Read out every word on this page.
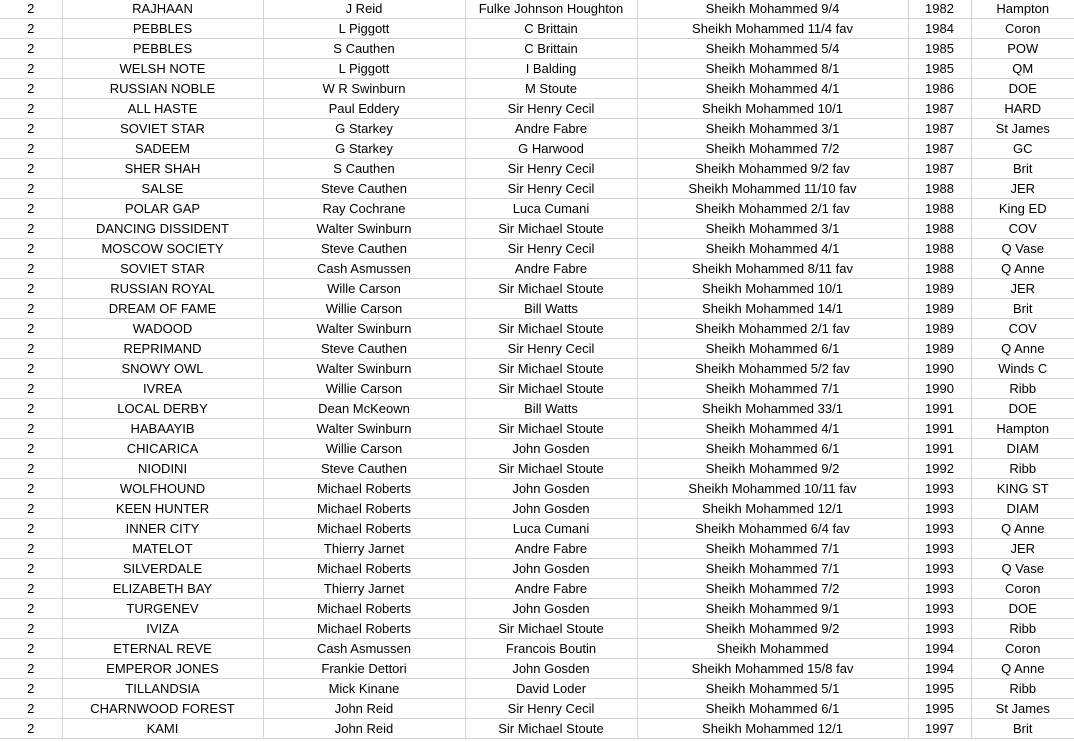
2	RAJHAAN	J Reid	Fulke Johnson Houghton	Sheikh Mohammed 9/4	1982	Hampton
2	PEBBLES	L Piggott	C Brittain	Sheikh Mohammed 11/4 fav	1984	Coron
2	PEBBLES	S Cauthen	C Brittain	Sheikh Mohammed 5/4	1985	POW
2	WELSH NOTE	L Piggott	I Balding	Sheikh Mohammed 8/1	1985	QM
2	RUSSIAN NOBLE	W R Swinburn	M Stoute	Sheikh Mohammed 4/1	1986	DOE
2	ALL HASTE	Paul Eddery	Sir Henry Cecil	Sheikh Mohammed 10/1	1987	HARD
2	SOVIET STAR	G Starkey	Andre Fabre	Sheikh Mohammed 3/1	1987	St James
2	SADEEM	G Starkey	G Harwood	Sheikh Mohammed 7/2	1987	GC
2	SHER SHAH	S Cauthen	Sir Henry Cecil	Sheikh Mohammed 9/2 fav	1987	Brit
2	SALSE	Steve Cauthen	Sir Henry Cecil	Sheikh Mohammed 11/10 fav	1988	JER
2	POLAR GAP	Ray Cochrane	Luca Cumani	Sheikh Mohammed 2/1 fav	1988	King ED
2	DANCING DISSIDENT	Walter Swinburn	Sir Michael Stoute	Sheikh Mohammed 3/1	1988	COV
2	MOSCOW SOCIETY	Steve Cauthen	Sir Henry Cecil	Sheikh Mohammed 4/1	1988	Q Vase
2	SOVIET STAR	Cash Asmussen	Andre Fabre	Sheikh Mohammed 8/11 fav	1988	Q Anne
2	RUSSIAN ROYAL	Wille Carson	Sir Michael Stoute	Sheikh Mohammed 10/1	1989	JER
2	DREAM OF FAME	Willie Carson	Bill Watts	Sheikh Mohammed 14/1	1989	Brit
2	WADOOD	Walter Swinburn	Sir Michael Stoute	Sheikh Mohammed 2/1 fav	1989	COV
2	REPRIMAND	Steve Cauthen	Sir Henry Cecil	Sheikh Mohammed 6/1	1989	Q Anne
2	SNOWY OWL	Walter Swinburn	Sir Michael Stoute	Sheikh Mohammed 5/2 fav	1990	Winds C
2	IVREA	Willie Carson	Sir Michael Stoute	Sheikh Mohammed 7/1	1990	Ribb
2	LOCAL DERBY	Dean McKeown	Bill Watts	Sheikh Mohammed 33/1	1991	DOE
2	HABAAYIB	Walter Swinburn	Sir Michael Stoute	Sheikh Mohammed 4/1	1991	Hampton
2	CHICARICA	Willie Carson	John Gosden	Sheikh Mohammed 6/1	1991	DIAM
2	NIODINI	Steve Cauthen	Sir Michael Stoute	Sheikh Mohammed 9/2	1992	Ribb
2	WOLFHOUND	Michael Roberts	John Gosden	Sheikh Mohammed 10/11 fav	1993	KING ST
2	KEEN HUNTER	Michael Roberts	John Gosden	Sheikh Mohammed 12/1	1993	DIAM
2	INNER CITY	Michael Roberts	Luca Cumani	Sheikh Mohammed 6/4 fav	1993	Q Anne
2	MATELOT	Thierry Jarnet	Andre Fabre	Sheikh Mohammed 7/1	1993	JER
2	SILVERDALE	Michael Roberts	John Gosden	Sheikh Mohammed 7/1	1993	Q Vase
2	ELIZABETH BAY	Thierry Jarnet	Andre Fabre	Sheikh Mohammed 7/2	1993	Coron
2	TURGENEV	Michael Roberts	John Gosden	Sheikh Mohammed 9/1	1993	DOE
2	IVIZA	Michael Roberts	Sir Michael Stoute	Sheikh Mohammed 9/2	1993	Ribb
2	ETERNAL REVE	Cash Asmussen	Francois Boutin	Sheikh Mohammed	1994	Coron
2	EMPEROR JONES	Frankie Dettori	John Gosden	Sheikh Mohammed 15/8 fav	1994	Q Anne
2	TILLANDSIA	Mick Kinane	David Loder	Sheikh Mohammed 5/1	1995	Ribb
2	CHARNWOOD FOREST	John Reid	Sir Henry Cecil	Sheikh Mohammed 6/1	1995	St James
2	KAMI	John Reid	Sir Michael Stoute	Sheikh Mohammed 12/1	1997	Brit
